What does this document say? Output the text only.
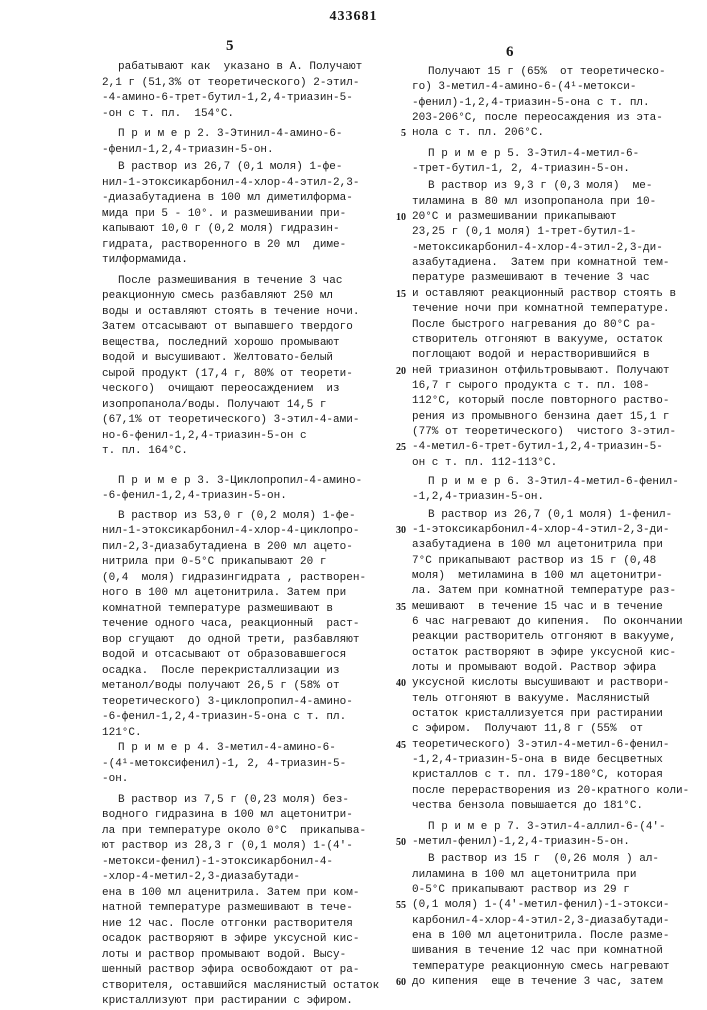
433681
5	6
рабатывают как  указано в А. Получают
2,1 г (51,3% от теоретического) 2-этил-
-4-амино-6-трет-бутил-1,2,4-триазин-5-
-он с т. пл.  154°С.
П р и м е р 2. 3-Этинил-4-амино-6-
-фенил-1,2,4-триазин-5-он.
В раствор из 26,7 (0,1 моля) 1-фе-
нил-1-этоксикарбонил-4-хлор-4-этил-2,3-
-диазабутадиена в 100 мл диметилформа-
мида при 5 - 10°. и размешивании при-
капывают 10,0 г (0,2 моля) гидразин-
гидрата, растворенного в 20 мл  диме-
тилформамида.
После размешивания в течение 3 час
реакционную смесь разбавляют 250 мл
воды и оставляют стоять в течение ночи.
Затем отсасывают от выпавшего твердого
вещества, последний хорошо промывают
водой и высушивают. Желтовато-белый
сырой продукт (17,4 г, 80% от теорети-
ческого)  очищают переосаждением  из
изопропанола/воды. Получают 14,5 г
(67,1% от теоретического) 3-этил-4-ами-
но-6-фенил-1,2,4-триазин-5-он с
т. пл. 164°С.
П р и м е р 3. 3-Циклопропил-4-амино-
-6-фенил-1,2,4-триазин-5-он.
В раствор из 53,0 г (0,2 моля) 1-фе-
нил-1-этоксикарбонил-4-хлор-4-циклопро-
пил-2,3-диазабутадиена в 200 мл ацето-
нитрила при 0-5°С прикапывают 20 г
(0,4  моля) гидразингидрата , растворен-
ного в 100 мл ацетонитрила. Затем при
комнатной температуре размешивают в
течение одного часа, реакционный  раст-
вор сгущают  до одной трети, разбавляют
водой и отсасывают от образовавшегося
осадка.  После перекристаллизации из
метанол/воды получают 26,5 г (58% от
теоретического) 3-циклопропил-4-амино-
-6-фенил-1,2,4-триазин-5-она с т. пл.
121°С.
П р и м е р 4. 3-метил-4-амино-6-
-(4¹-метоксифенил)-1, 2, 4-триазин-5-
-он.
В раствор из 7,5 г (0,23 моля) без-
водного гидразина в 100 мл ацетонитри-
ла при температуре около 0°С  прикапыва-
ют раствор из 28,3 г (0,1 моля) 1-(4'-
-метокси-фенил)-1-этоксикарбонил-4-
-хлор-4-метил-2,3-диазабутади-
ена в 100 мл аценитрила. Затем при ком-
натной температуре размешивают в тече-
ние 12 час. После отгонки растворителя
осадок растворяют в эфире уксусной кис-
лоты и раствор промывают водой. Высу-
шенный раствор эфира освобождают от ра-
створителя, оставшийся маслянистый остаток
кристаллизуют при растирании с эфиром.
Получают 15 г (65%  от теоретическо-
го) 3-метил-4-амино-6-(4¹-метокси-
-фенил)-1,2,4-триазин-5-она с т. пл.
203-206°С, после переосаждения из эта-
нола с т. пл. 206°С.
5
П р и м е р 5. 3-Этил-4-метил-6-
-трет-бутил-1, 2, 4-триазин-5-он.
В раствор из 9,3 г (0,3 моля)  ме-
тиламина в 80 мл изопропанола при 10-
20°С и размешивании прикапывают
10
23,25 г (0,1 моля) 1-трет-бутил-1-
-метоксикарбонил-4-хлор-4-этил-2,3-ди-
азабутадиена.  Затем при комнатной тем-
пературе размешивают в течение 3 час
и оставляют реакционный раствор стоять в
15
течение ночи при комнатной температуре.
После быстрого нагревания до 80°С ра-
створитель отгоняют в вакууме, остаток
поглощают водой и нерастворившийся в
ней триазинон отфильтровывают. Получают
20
16,7 г сырого продукта с т. пл. 108-
112°С, который после повторного раство-
рения из промывного бензина дает 15,1 г
(77% от теоретического)  чистого 3-этил-
-4-метил-6-трет-бутил-1,2,4-триазин-5-
25
он с т. пл. 112-113°С.
П р и м е р 6. 3-Этил-4-метил-6-фенил-
-1,2,4-триазин-5-он.
В раствор из 26,7 (0,1 моля) 1-фенил-
-1-этоксикарбонил-4-хлор-4-этил-2,3-ди-
30
азабутадиена в 100 мл ацетонитрила при
7°С прикапывают раствор из 15 г (0,48
моля)  метиламина в 100 мл ацетонитри-
ла. Затем при комнатной температуре раз-
мешивают  в течение 15 час и в течение
35
6 час нагревают до кипения.  По окончании
реакции растворитель отгоняют в вакууме,
остаток растворяют в эфире уксусной кис-
лоты и промывают водой. Раствор эфира
уксусной кислоты высушивают и раствори-
40
тель отгоняют в вакууме. Маслянистый
остаток кристаллизуется при растирании
с эфиром.  Получают 11,8 г (55%  от
теоретического) 3-этил-4-метил-6-фенил-
45
-1,2,4-триазин-5-она в виде бесцветных
кристаллов с т. пл. 179-180°С, которая
после перерастворения из 20-кратного коли-
чества бензола повышается до 181°С.
П р и м е р 7. 3-этил-4-аллил-6-(4'-
-метил-фенил)-1,2,4-триазин-5-он.
50
В раствор из 15 г  (0,26 моля ) ал-
лиламина в 100 мл ацетонитрила при
0-5°С прикапывают раствор из 29 г
(0,1 моля) 1-(4'-метил-фенил)-1-этокси-
55
карбонил-4-хлор-4-этил-2,3-диазабутади-
ена в 100 мл ацетонитрила. После разме-
шивания в течение 12 час при комнатной
температуре реакционную смесь нагревают
до кипения  еще в течение 3 час, затем
60
